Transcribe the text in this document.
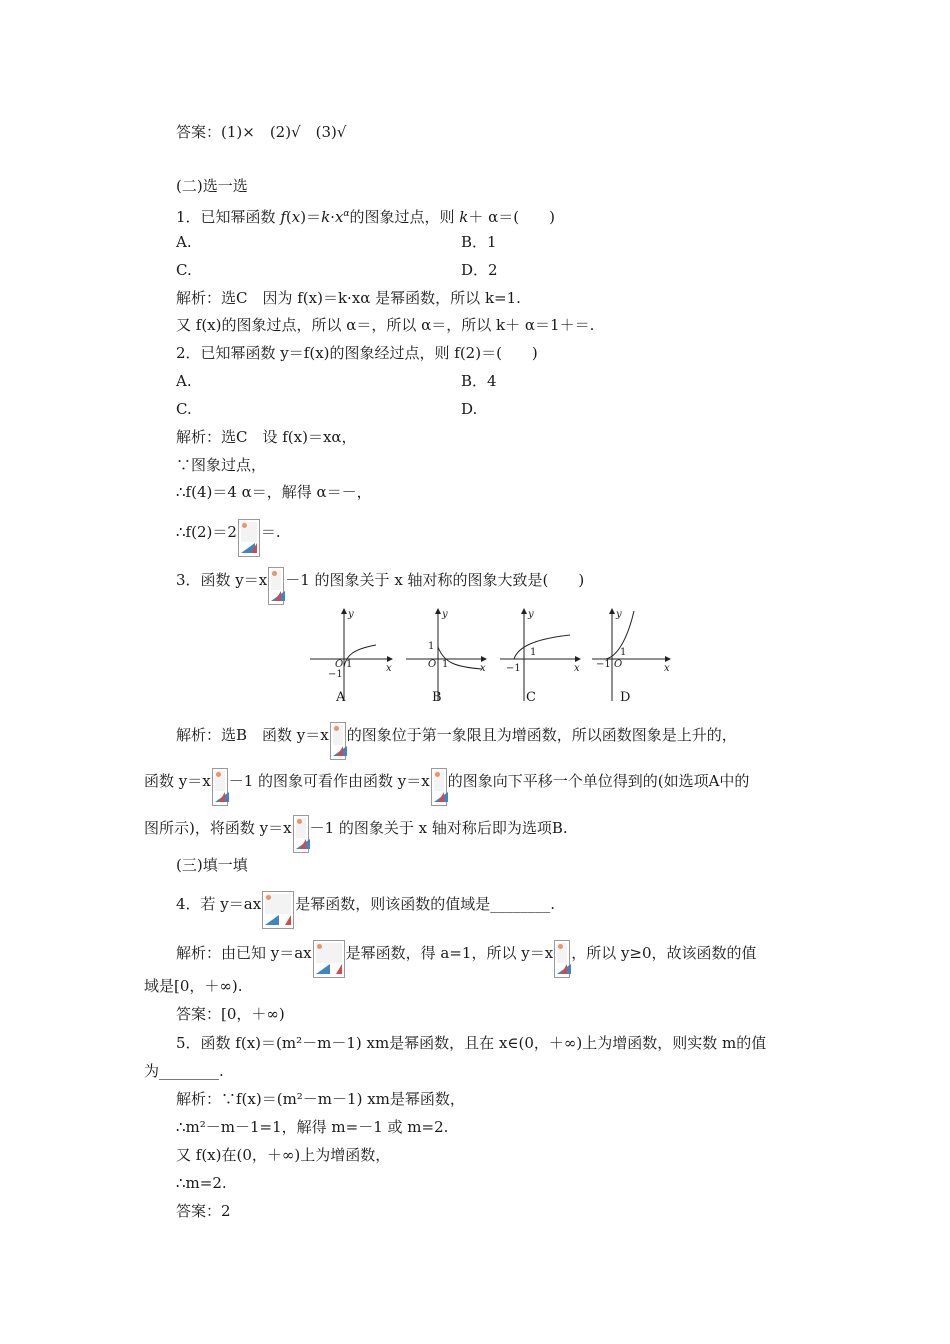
答案：(1)×　(2)√　(3)√
(二)选一选
1．已知幂函数 $f(x)=k\cdot x^\alpha$的图象过点，则 k＋ α＝(　　)
A.	B．1
C.	D．2
解析：选C　因为 f(x)＝k·xα 是幂函数，所以 k=1.
又 f(x)的图象过点，所以 α＝，所以 α＝，所以 k＋ α＝1＋＝.
2．已知幂函数 y＝f(x)的图象经过点，则 f(2)＝(　　)
A.	B．4
C.	D.
解析：选C　设 f(x)＝xα，
∵图象过点，
∴f(4)＝4 α＝，解得 α＝－，
∴f(2)＝2 ＝.
3．函数 y＝x －1 的图象关于 x 轴对称的图象大致是(　　)
y
x
O
y
x
O
y
x
y
x
O
1
−1
1
1	−1
1
−1
1
A	B	C	D
解析：选B　函数 y＝x 的图象位于第一象限且为增函数，所以函数图象是上升的，
函数 y＝x －1 的图象可看作由函数 y＝x 的图象向下平移一个单位得到的(如选项A中的
图所示)，将函数 y＝x －1 的图象关于 x 轴对称后即为选项B.
(三)填一填
4．若 y＝ax 是幂函数，则该函数的值域是________.
解析：由已知 y＝ax 是幂函数，得 a=1，所以 y＝x ，所以 y≥0，故该函数的值
域是[0，＋∞).
答案：[0，＋∞)
5．函数 f(x)＝(m²－m－1) xm是幂函数，且在 x∈(0，＋∞)上为增函数，则实数 m的值
为________.
解析：∵f(x)＝(m²－m－1) xm是幂函数，
∴m²－m－1=1，解得 m=－1 或 m=2.
又 f(x)在(0，＋∞)上为增函数，
∴m=2.
答案：2
